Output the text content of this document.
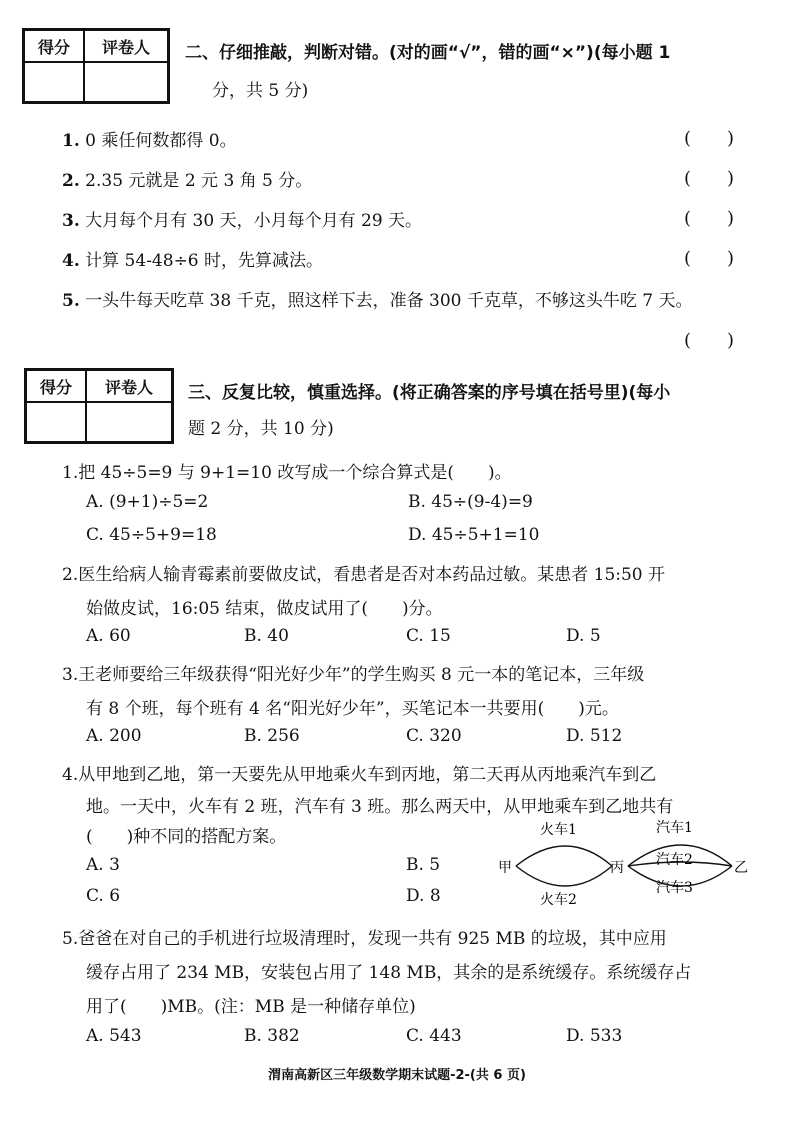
得分	评卷人
	二、仔细推敲，判断对错。(对的画“√”，错的画“×”)(每小题 1
分，共 5 分)
1. 0 乘任何数都得 0。	(　　)
2. 2.35 元就是 2 元 3 角 5 分。	(　　)
3. 大月每个月有 30 天，小月每个月有 29 天。	(　　)
4. 计算 54-48÷6 时，先算减法。	(　　)
5. 一头牛每天吃草 38 千克，照这样下去，准备 300 千克草，不够这头牛吃 7 天。
(　　)
得分	评卷人
	三、反复比较，慎重选择。(将正确答案的序号填在括号里)(每小
题 2 分，共 10 分)
1.把 45÷5=9 与 9+1=10 改写成一个综合算式是(　　)。
A. (9+1)÷5=2	B. 45÷(9-4)=9
C. 45÷5+9=18	D. 45÷5+1=10
2.医生给病人输青霉素前要做皮试，看患者是否对本药品过敏。某患者 15:50 开
始做皮试，16:05 结束，做皮试用了(　　)分。
A. 60	B. 40	C. 15	D. 5
3.王老师要给三年级获得“阳光好少年”的学生购买 8 元一本的笔记本，三年级
有 8 个班，每个班有 4 名“阳光好少年”，买笔记本一共要用(　　)元。
A. 200	B. 256	C. 320	D. 512
4.从甲地到乙地，第一天要先从甲地乘火车到丙地，第二天再从丙地乘汽车到乙
地。一天中，火车有 2 班，汽车有 3 班。那么两天中，从甲地乘车到乙地共有
(　　)种不同的搭配方案。
A. 3	B. 5
C. 6	D. 8
甲	丙	乙
火车1
火车2
汽车1
汽车2
汽车3
5.爸爸在对自己的手机进行垃圾清理时，发现一共有 925 MB 的垃圾，其中应用
缓存占用了 234 MB，安装包占用了 148 MB，其余的是系统缓存。系统缓存占
用了(　　)MB。(注：MB 是一种储存单位)
A. 543	B. 382	C. 443	D. 533
渭南高新区三年级数学期末试题-2-(共 6 页)
